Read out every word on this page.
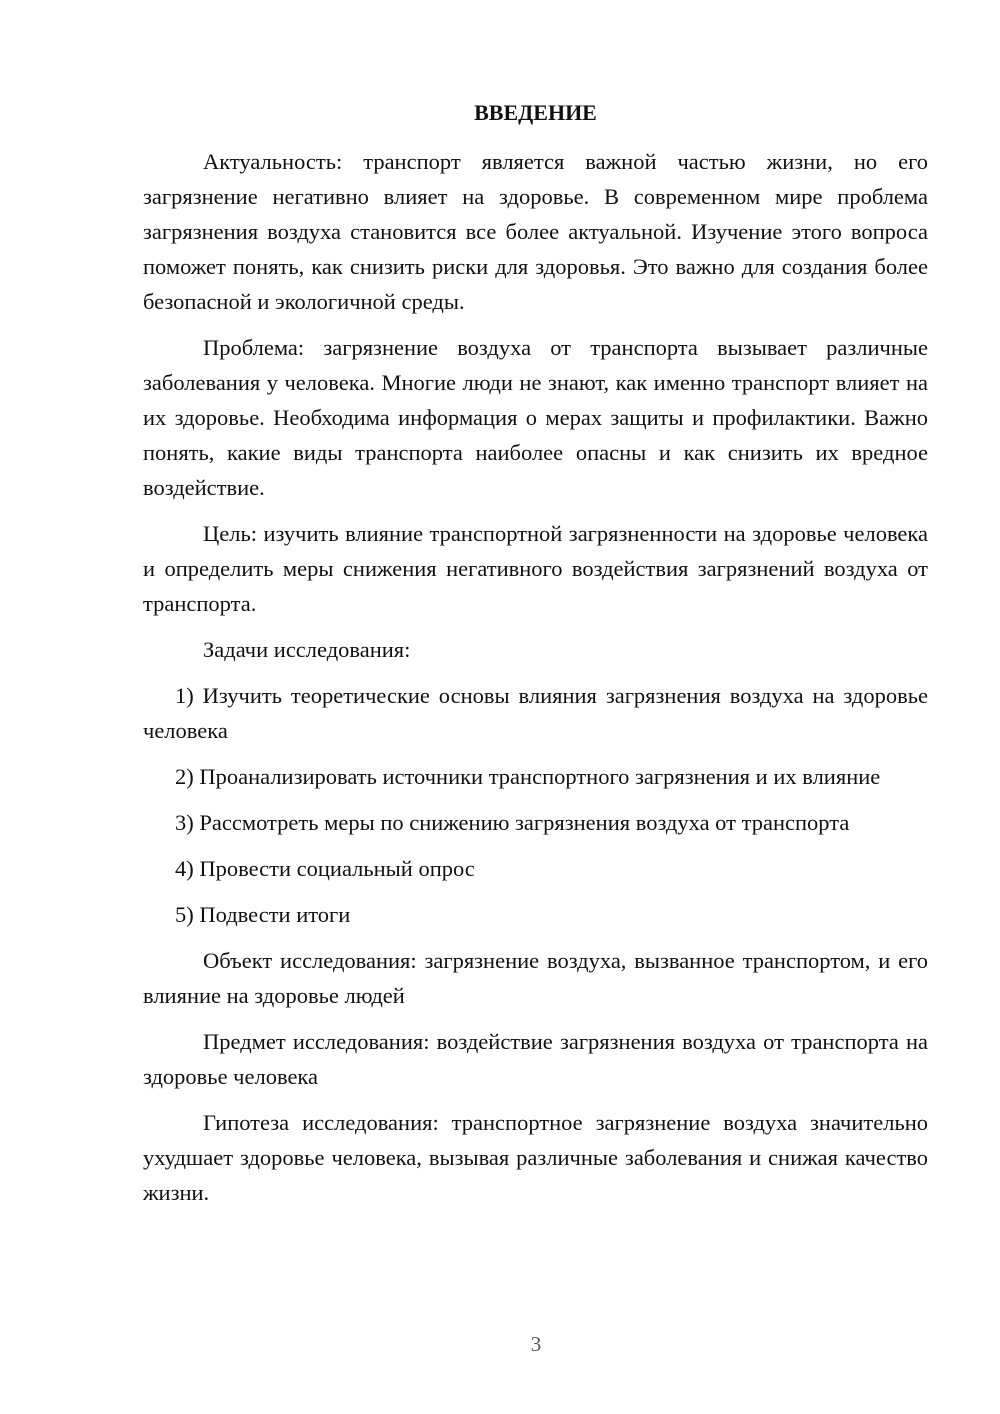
ВВЕДЕНИЕ

Актуальность: транспорт является важной частью жизни, но его загрязнение негативно влияет на здоровье. В современном мире проблема загрязнения воздуха становится все более актуальной. Изучение этого вопроса поможет понять, как снизить риски для здоровья. Это важно для создания более безопасной и экологичной среды.

Проблема: загрязнение воздуха от транспорта вызывает различные заболевания у человека. Многие люди не знают, как именно транспорт влияет на их здоровье. Необходима информация о мерах защиты и профилактики. Важно понять, какие виды транспорта наиболее опасны и как снизить их вредное воздействие.

Цель: изучить влияние транспортной загрязненности на здоровье человека и определить меры снижения негативного воздействия загрязнений воздуха от транспорта.

Задачи исследования:

1) Изучить теоретические основы влияния загрязнения воздуха на здоровье человека

2) Проанализировать источники транспортного загрязнения и их влияние

3) Рассмотреть меры по снижению загрязнения воздуха от транспорта

4) Провести социальный опрос

5) Подвести итоги

Объект исследования: загрязнение воздуха, вызванное транспортом, и его влияние на здоровье людей

Предмет исследования: воздействие загрязнения воздуха от транспорта на здоровье человека

Гипотеза исследования: транспортное загрязнение воздуха значительно ухудшает здоровье человека, вызывая различные заболевания и снижая качество жизни.

3
